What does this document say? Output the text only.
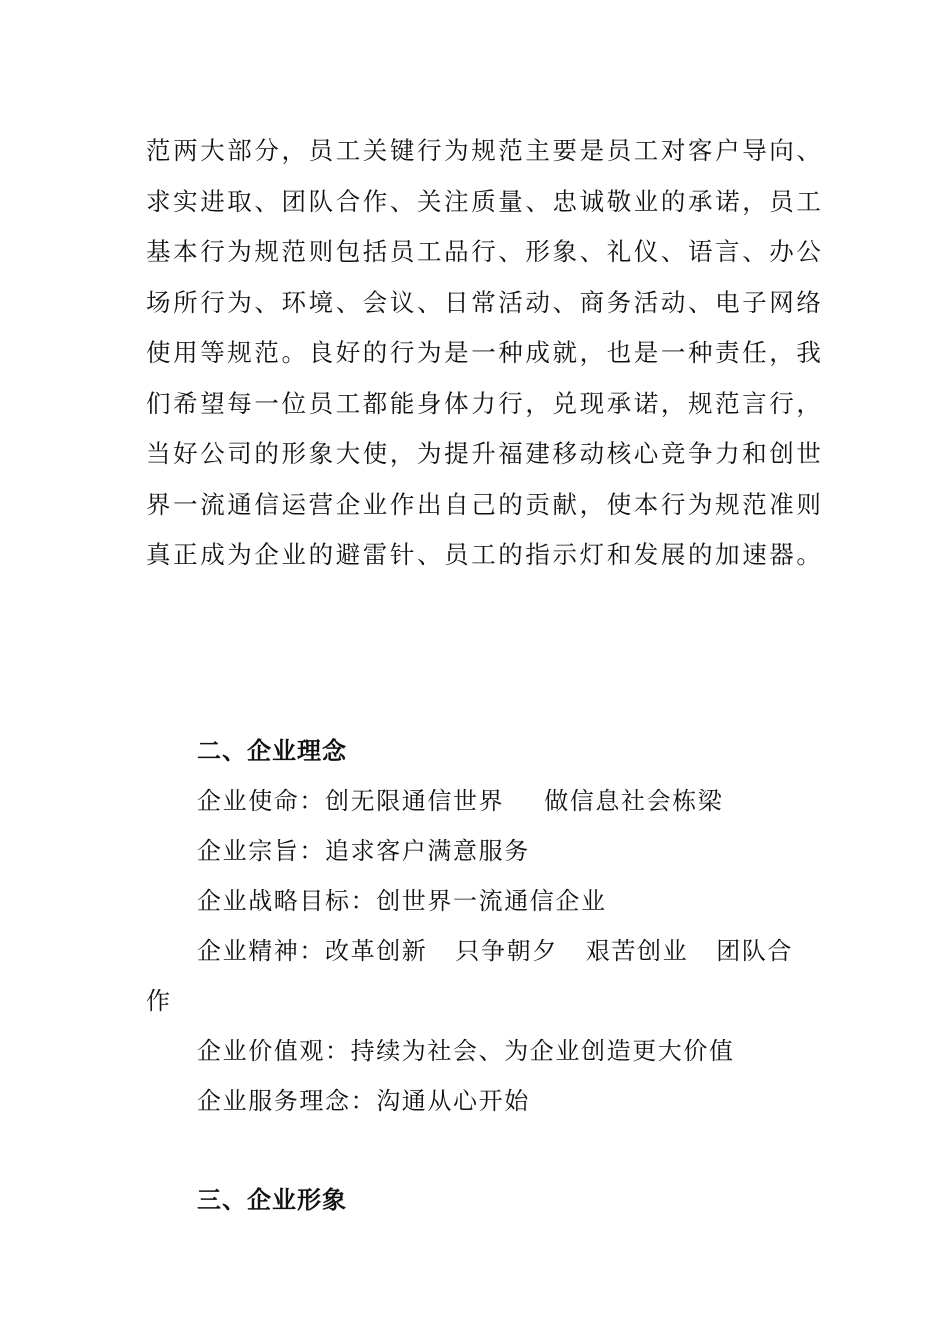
范两大部分，员工关键行为规范主要是员工对客户导向、
求实进取、团队合作、关注质量、忠诚敬业的承诺，员工
基本行为规范则包括员工品行、形象、礼仪、语言、办公
场所行为、环境、会议、日常活动、商务活动、电子网络
使用等规范。良好的行为是一种成就，也是一种责任，我
们希望每一位员工都能身体力行，兑现承诺，规范言行，
当好公司的形象大使，为提升福建移动核心竞争力和创世
界一流通信运营企业作出自己的贡献，使本行为规范准则
真正成为企业的避雷针、员工的指示灯和发展的加速器。
二、企业理念
企业使命：创无限通信世界 做信息社会栋梁
企业宗旨：追求客户满意服务
企业战略目标：创世界一流通信企业
企业精神：改革创新 只争朝夕 艰苦创业 团队合
作
企业价值观：持续为社会、为企业创造更大价值
企业服务理念：沟通从心开始
三、企业形象
